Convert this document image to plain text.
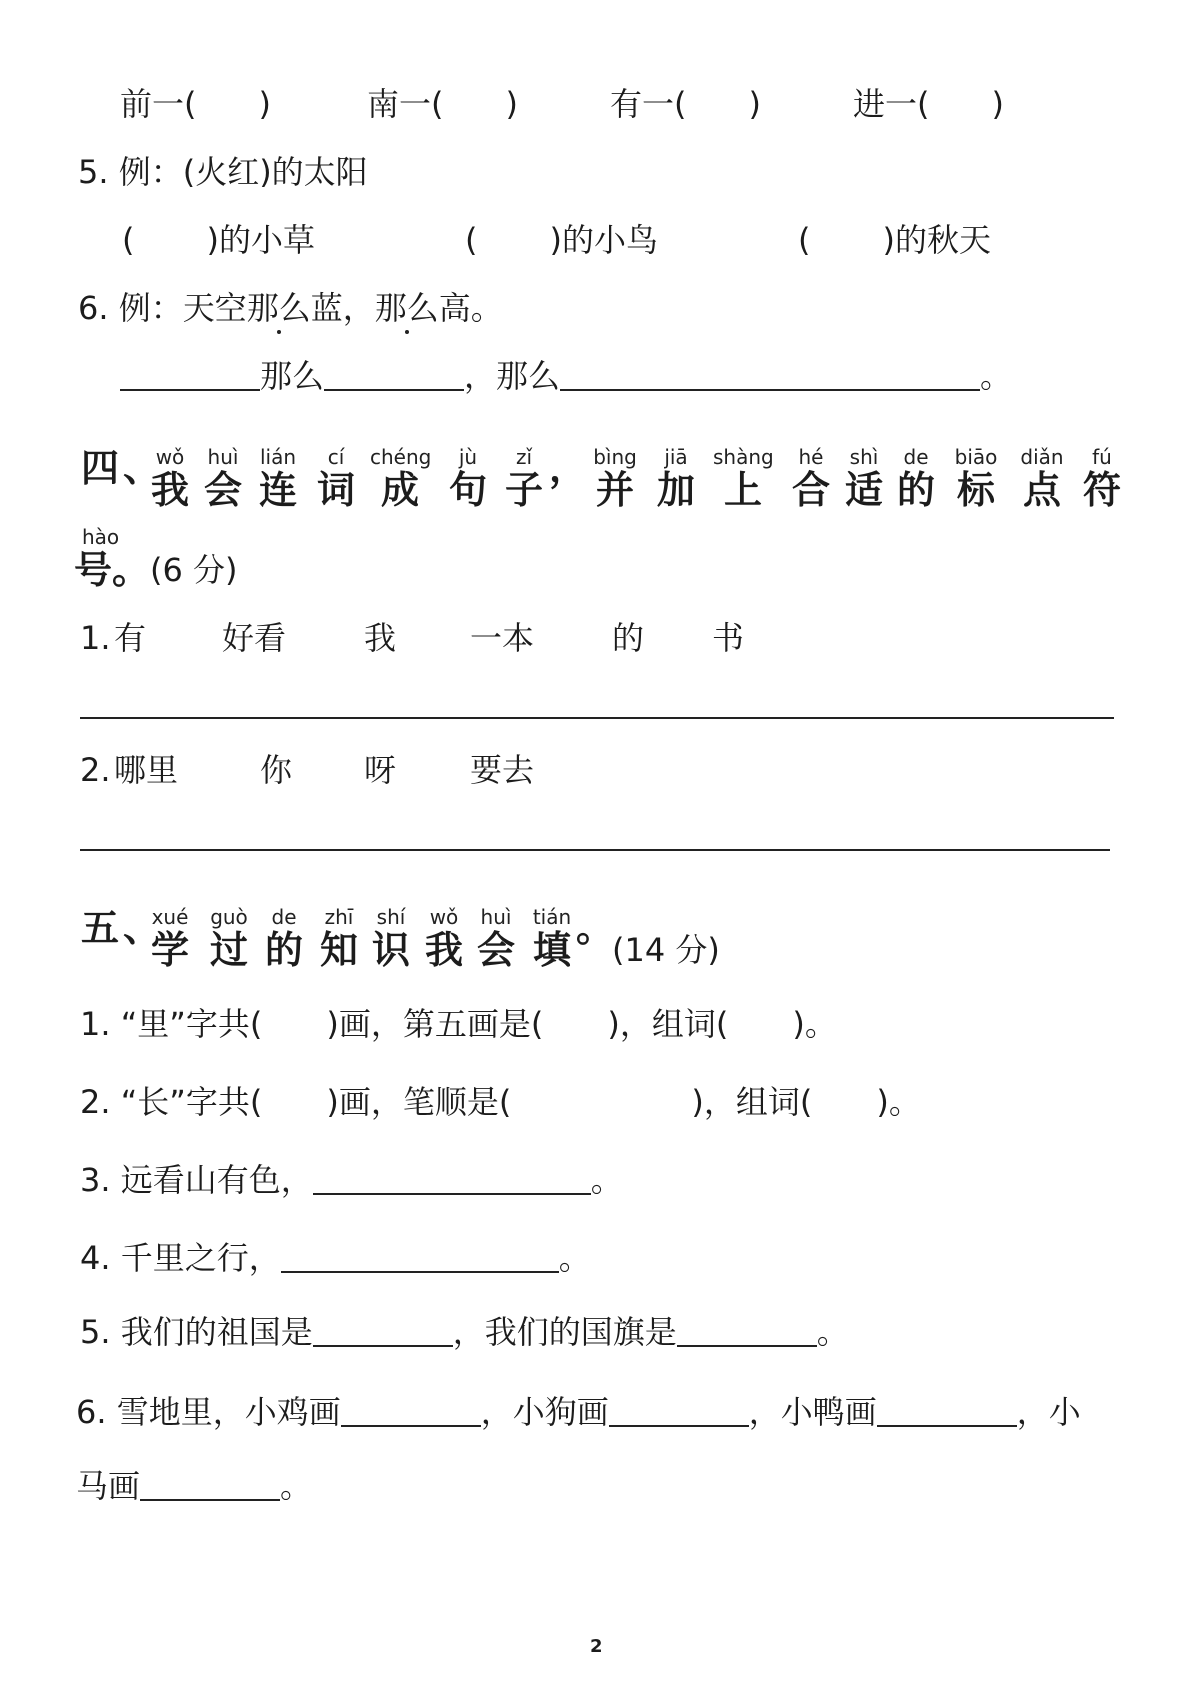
前一( )	南一( )	有一( )	进一( )
5. 例：(火红)的太阳
( )的小草	( )的小鸟	( )的秋天
6. 例：天空那么蓝，那么高。
那么	，那么	。
四 、
wǒ
我
huì
会
lián
连
cí
词
chéng
成
jù
句
zǐ
子 ， bìng
并
jiā
加
shàng
上
hé
合
shì
适
de
的
biāo
标
diǎn
点
fú
符
hào
号。 (6 分)
1. 有 好看 我 一本 的 书
2. 哪里	你 呀 要去
五 、
xué
学
guò
过
de
的
zhī
知
shí
识
wǒ
我
huì
会
tián
填 。
(14 分)
1. “里”字共( )画，第五画是( )，组词( )。
2. “长”字共( )画，笔顺是(	)，组词( )。
3. 远看山有色，	。
4. 千里之行，	。
5. 我们的祖国是	，我们的国旗是	。
6. 雪地里，小鸡画	，小狗画	，小鸭画	，小
马画	。
2
